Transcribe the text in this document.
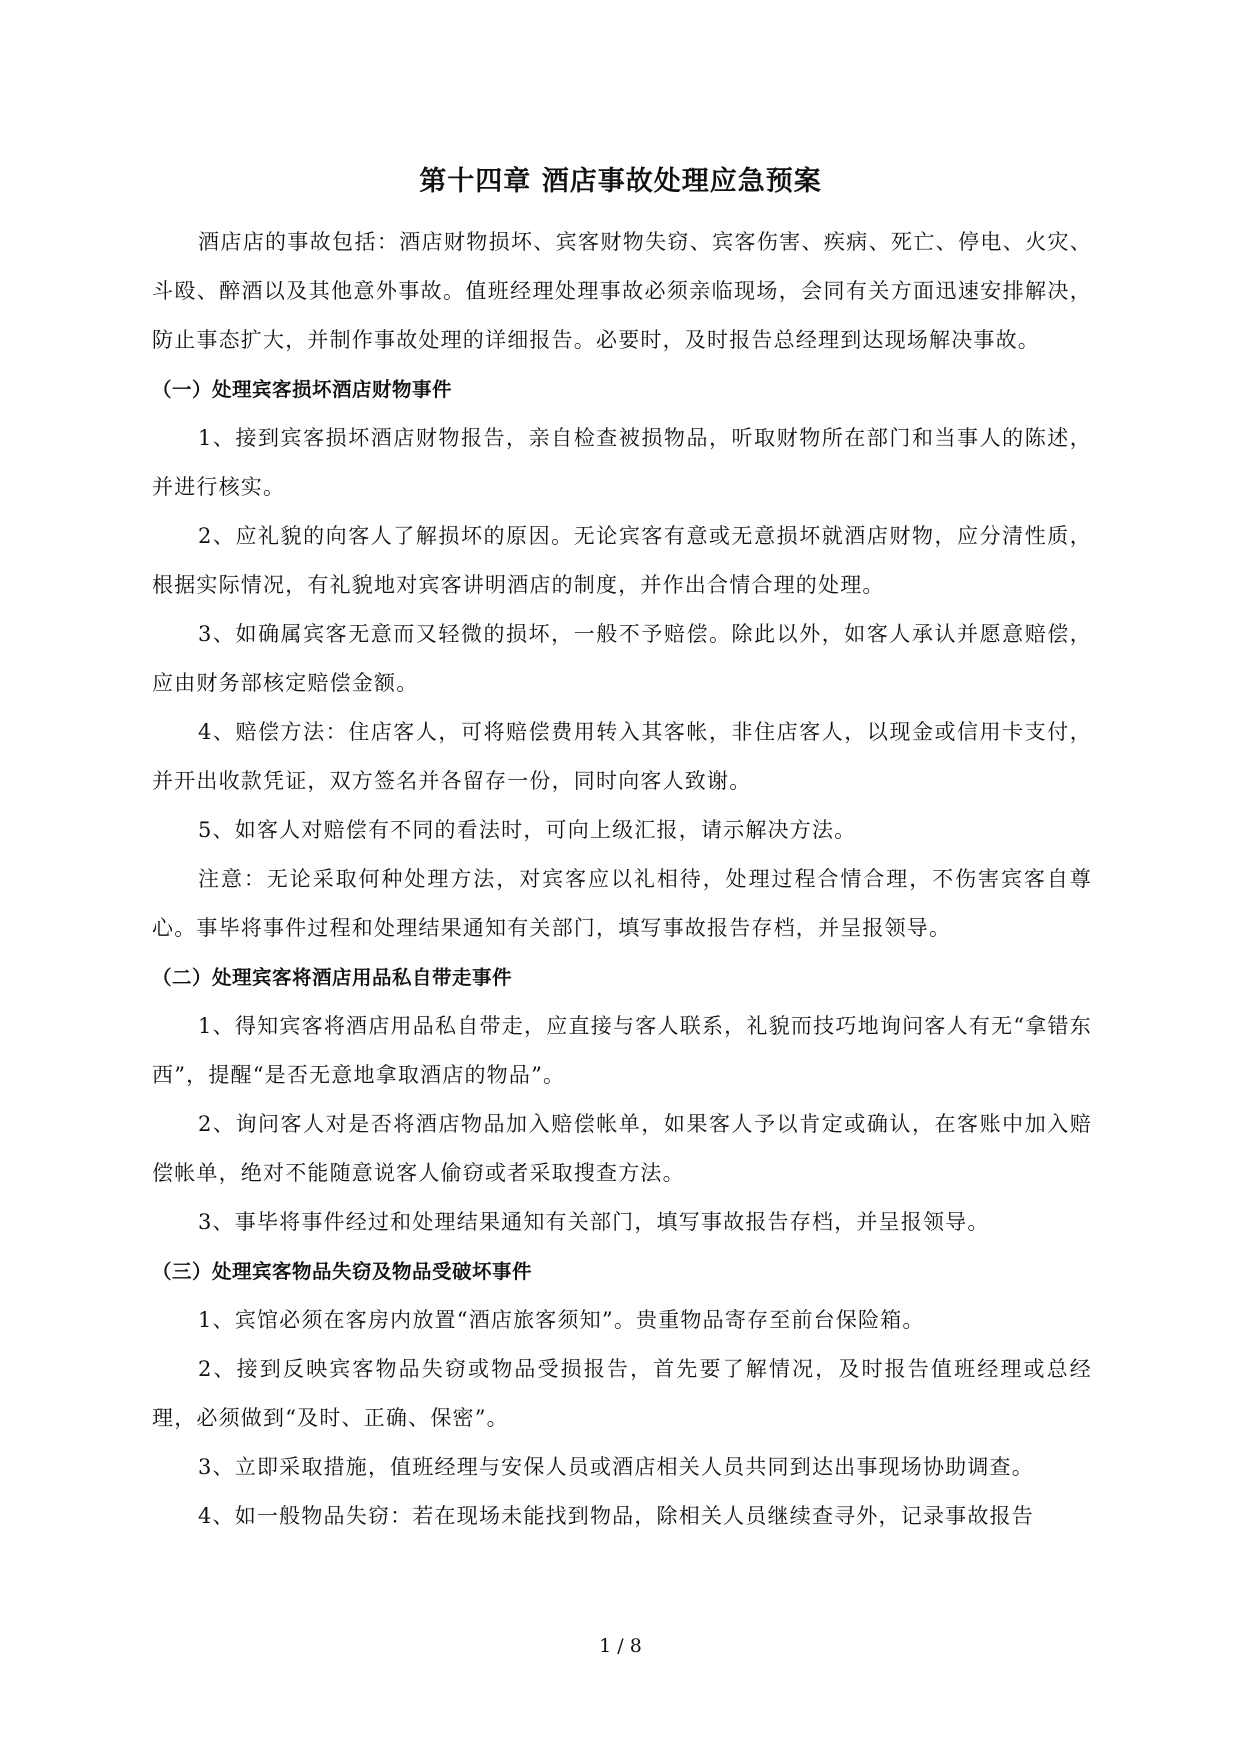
第十四章 酒店事故处理应急预案

酒店店的事故包括：酒店财物损坏、宾客财物失窃、宾客伤害、疾病、死亡、停电、火灾、斗殴、醉酒以及其他意外事故。值班经理处理事故必须亲临现场，会同有关方面迅速安排解决，防止事态扩大，并制作事故处理的详细报告。必要时，及时报告总经理到达现场解决事故。

（一）处理宾客损坏酒店财物事件

1、接到宾客损坏酒店财物报告，亲自检查被损物品，听取财物所在部门和当事人的陈述，并进行核实。

2、应礼貌的向客人了解损坏的原因。无论宾客有意或无意损坏就酒店财物，应分清性质，根据实际情况，有礼貌地对宾客讲明酒店的制度，并作出合情合理的处理。

3、如确属宾客无意而又轻微的损坏，一般不予赔偿。除此以外，如客人承认并愿意赔偿，应由财务部核定赔偿金额。

4、赔偿方法：住店客人，可将赔偿费用转入其客帐，非住店客人，以现金或信用卡支付，并开出收款凭证，双方签名并各留存一份，同时向客人致谢。

5、如客人对赔偿有不同的看法时，可向上级汇报，请示解决方法。

注意：无论采取何种处理方法，对宾客应以礼相待，处理过程合情合理，不伤害宾客自尊心。事毕将事件过程和处理结果通知有关部门，填写事故报告存档，并呈报领导。

（二）处理宾客将酒店用品私自带走事件

1、得知宾客将酒店用品私自带走，应直接与客人联系，礼貌而技巧地询问客人有无“拿错东西”，提醒“是否无意地拿取酒店的物品”。

2、询问客人对是否将酒店物品加入赔偿帐单，如果客人予以肯定或确认，在客账中加入赔偿帐单，绝对不能随意说客人偷窃或者采取搜查方法。

3、事毕将事件经过和处理结果通知有关部门，填写事故报告存档，并呈报领导。

（三）处理宾客物品失窃及物品受破坏事件

1、宾馆必须在客房内放置“酒店旅客须知”。贵重物品寄存至前台保险箱。

2、接到反映宾客物品失窃或物品受损报告，首先要了解情况，及时报告值班经理或总经理，必须做到“及时、正确、保密”。

3、立即采取措施，值班经理与安保人员或酒店相关人员共同到达出事现场协助调查。

4、如一般物品失窃：若在现场未能找到物品，除相关人员继续查寻外，记录事故报告

1 / 8
